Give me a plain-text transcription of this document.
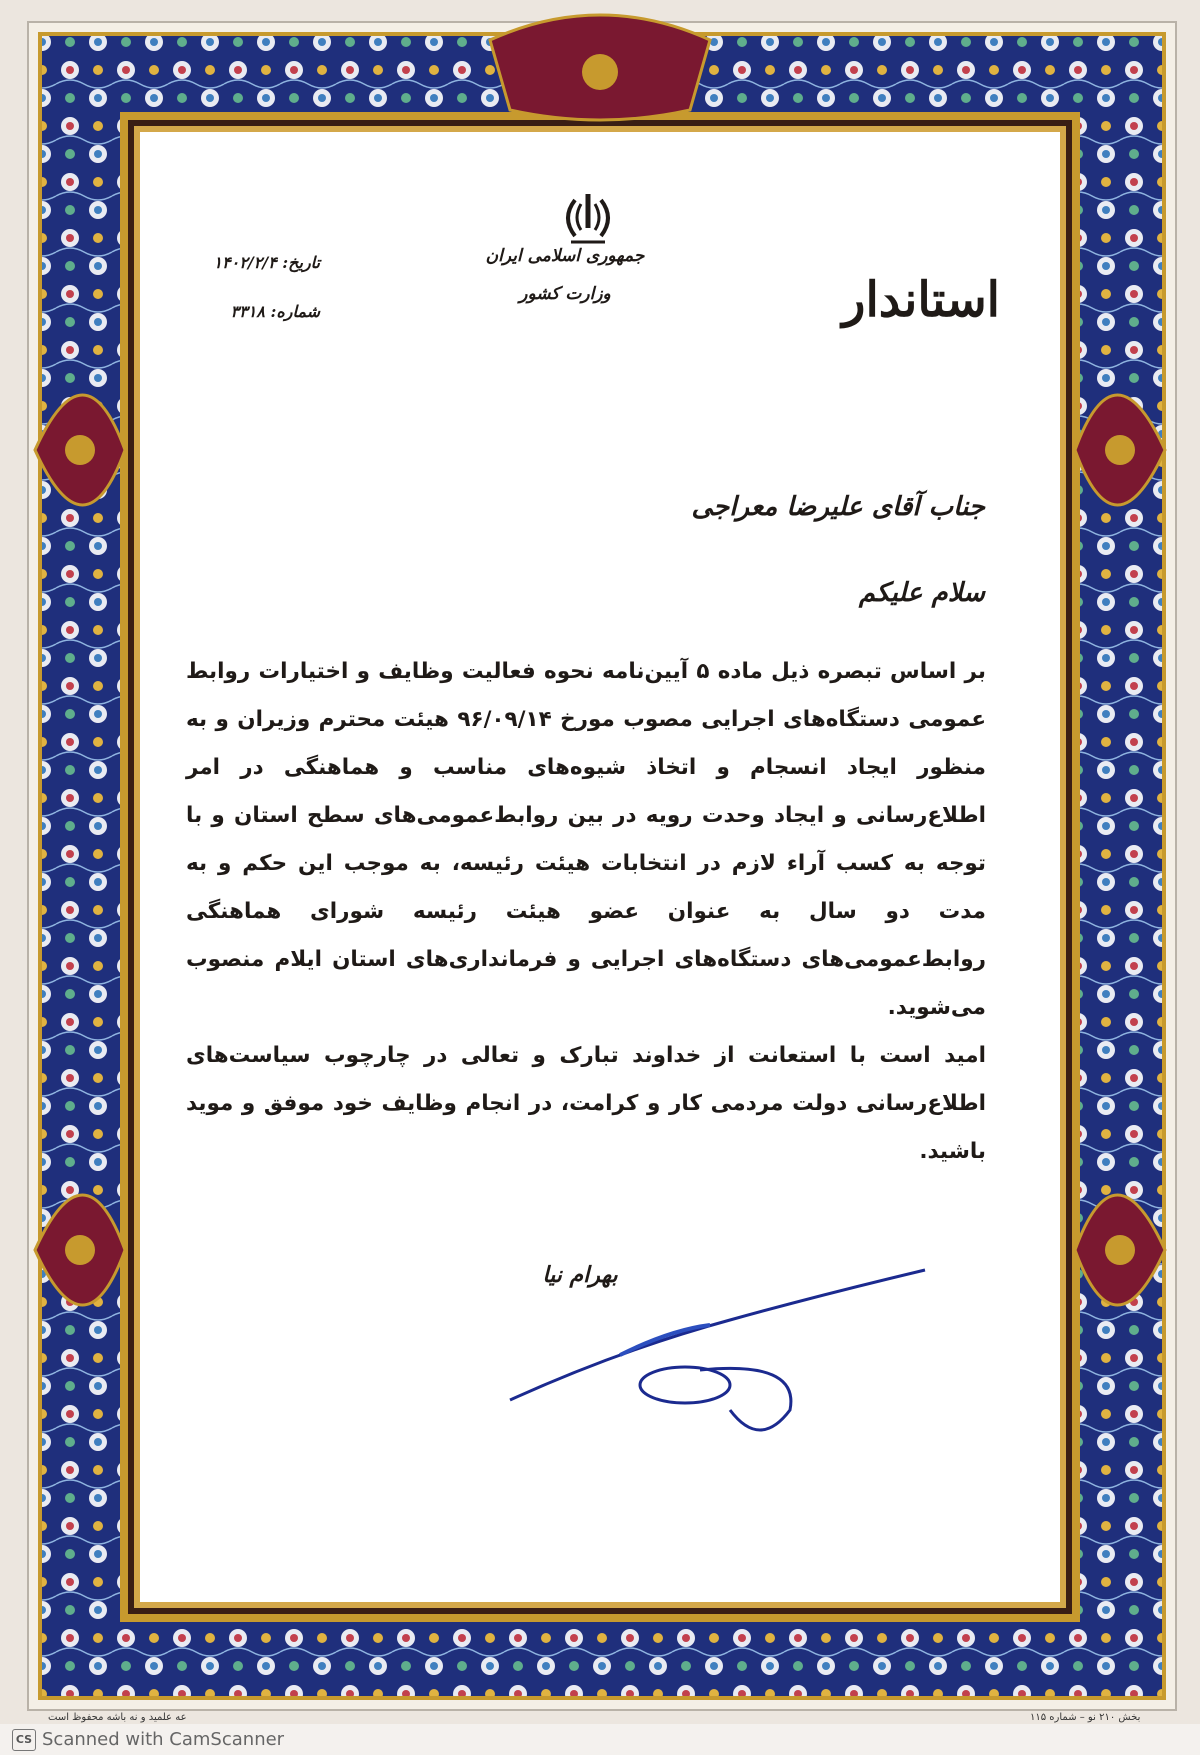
استاندار
جمهوری اسلامی ایران
وزارت کشور
تاریخ: ۱۴۰۲/۲/۴
شماره: ۳۳۱۸
جناب آقای علیرضا معراجی
سلام علیکم
بر اساس تبصره ذیل ماده ۵ آیین‌نامه نحوه فعالیت وظایف و اختیارات روابط عمومی دستگاه‌های اجرایی مصوب مورخ ۹۶/۰۹/۱۴ هیئت محترم وزیران و به منظور ایجاد انسجام و اتخاذ شیوه‌های مناسب و هماهنگی در امر اطلاع‌رسانی و ایجاد وحدت رویه در بین روابط‌عمومی‌های سطح استان و با توجه به کسب آراء لازم در انتخابات هیئت رئیسه، به موجب این حکم و به مدت دو سال به عنوان عضو هیئت رئیسه شورای هماهنگی روابط‌عمومی‌های دستگاه‌های اجرایی و فرمانداری‌های استان ایلام منصوب می‌شوید.
امید است با استعانت از خداوند تبارک و تعالی در چارچوب سیاست‌های اطلاع‌رسانی دولت مردمی کار و کرامت، در انجام وظایف خود موفق و موید باشید.
بهرام نیا
عه علمید و نه باشه محفوظ است	بخش ۲۱۰ نو – شماره ۱۱۵
CS Scanned with CamScanner
